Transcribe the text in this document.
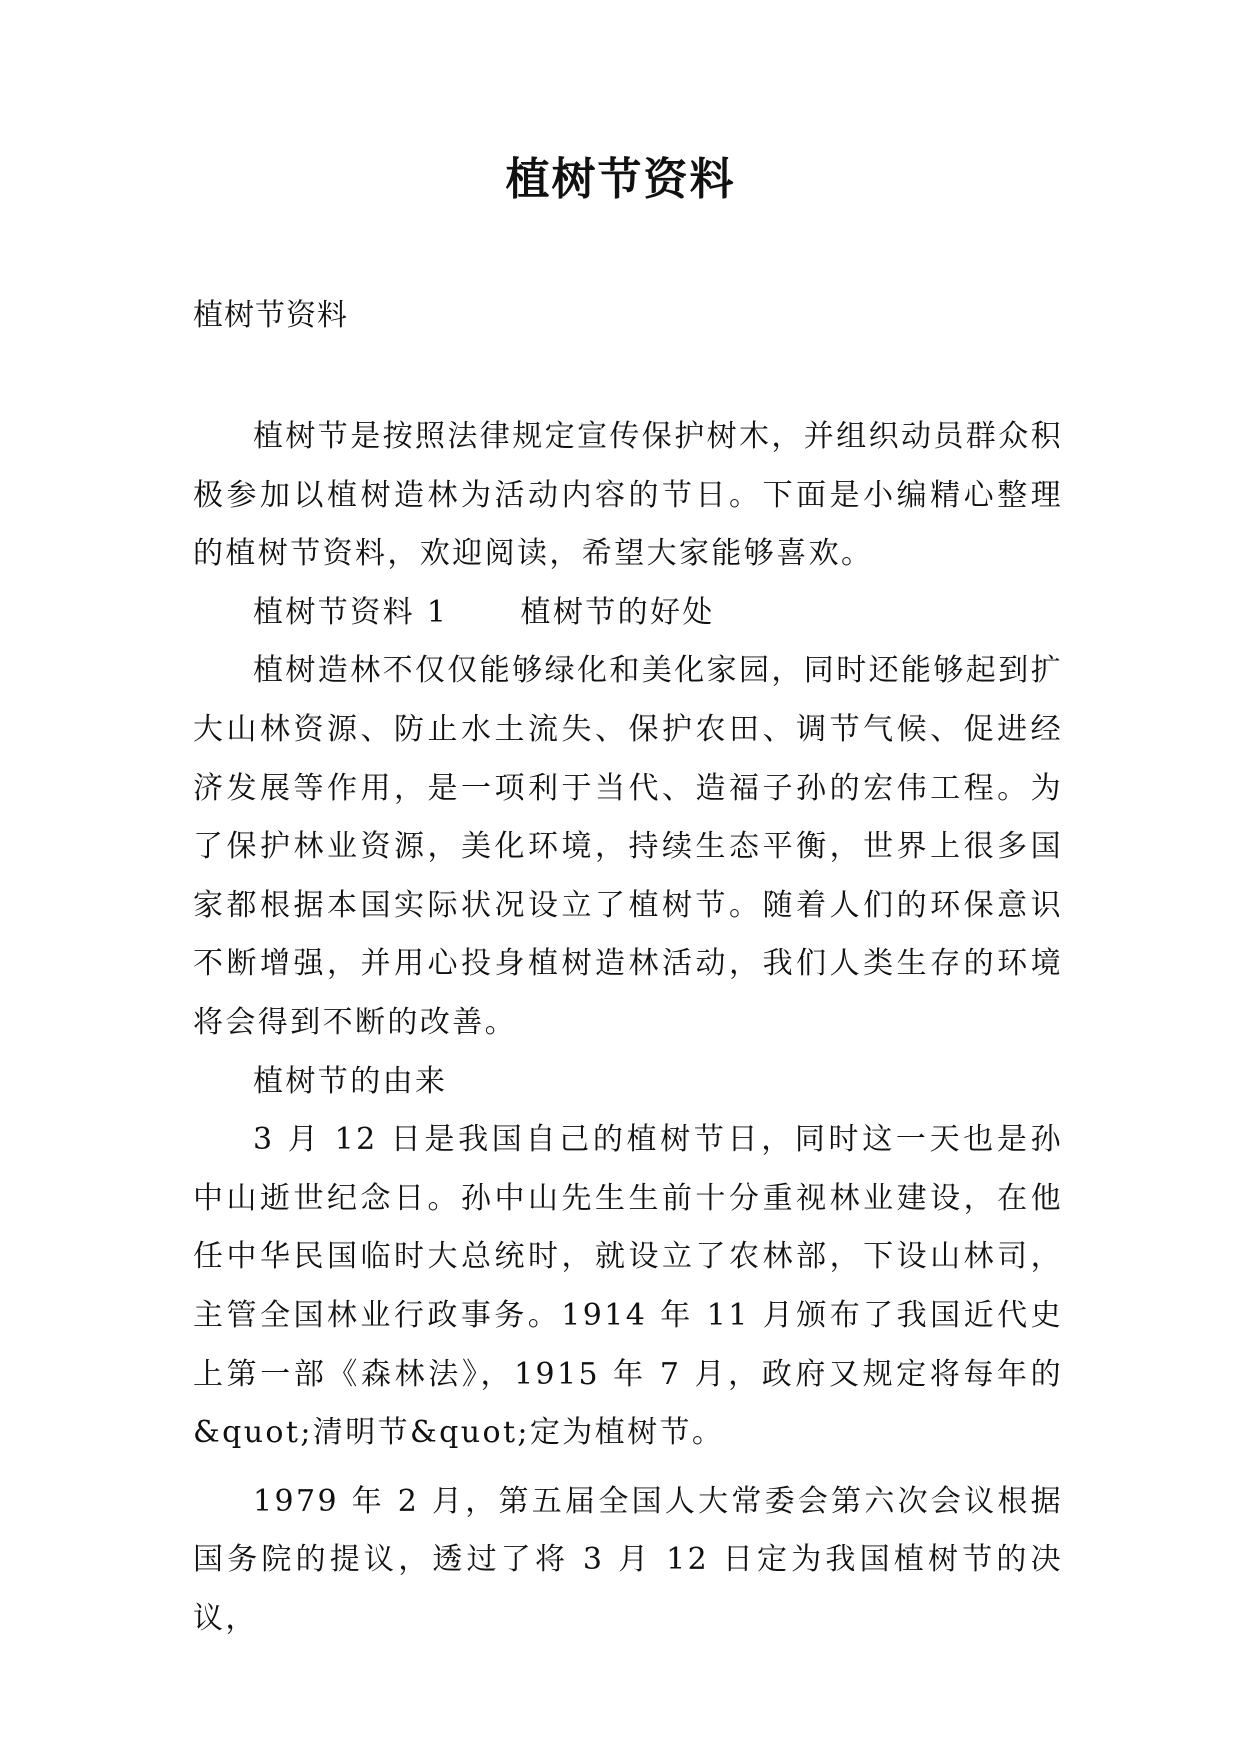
植树节资料

植树节资料

植树节是按照法律规定宣传保护树木，并组织动员群众积极参加以植树造林为活动内容的节日。下面是小编精心整理的植树节资料，欢迎阅读，希望大家能够喜欢。

植树节资料 1 植树节的好处

植树造林不仅仅能够绿化和美化家园，同时还能够起到扩大山林资源、防止水土流失、保护农田、调节气候、促进经济发展等作用，是一项利于当代、造福子孙的宏伟工程。为了保护林业资源，美化环境，持续生态平衡，世界上很多国家都根据本国实际状况设立了植树节。随着人们的环保意识不断增强，并用心投身植树造林活动，我们人类生存的环境将会得到不断的改善。

植树节的由来

3 月 12 日是我国自己的植树节日，同时这一天也是孙中山逝世纪念日。孙中山先生生前十分重视林业建设，在他任中华民国临时大总统时，就设立了农林部，下设山林司，主管全国林业行政事务。1914 年 11 月颁布了我国近代史上第一部《森林法》，1915 年 7 月，政府又规定将每年的&quot;清明节&quot;定为植树节。

1979 年 2 月，第五届全国人大常委会第六次会议根据国务院的提议，透过了将 3 月 12 日定为我国植树节的决议，
